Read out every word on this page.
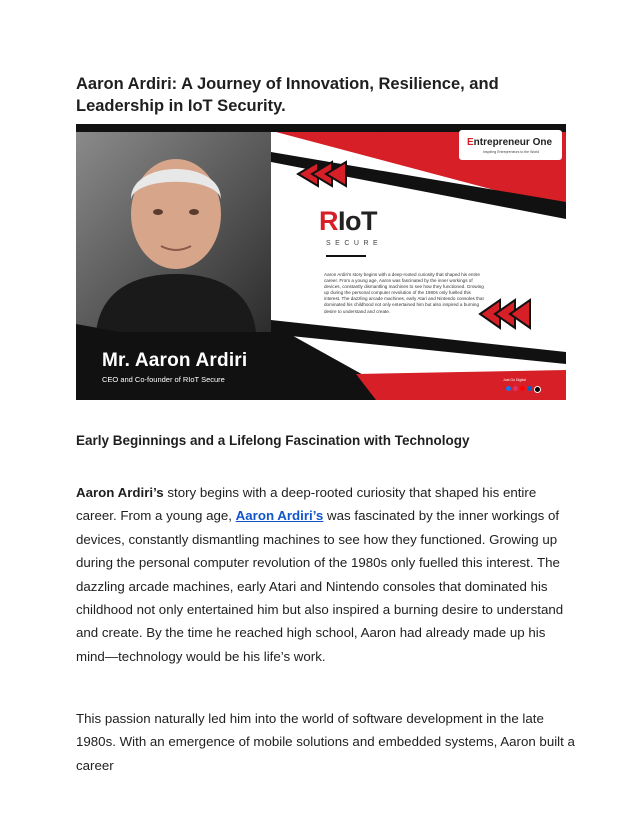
Aaron Ardiri: A Journey of Innovation, Resilience, and Leadership in IoT Security.
Mr. Aaron Ardiri
CEO and Co-founder of RIoT Secure
Entrepreneur One
Inspiring Entrepreneurs to the World
RIoT
SECURE
Aaron Ardiri's story begins with a deep-rooted curiosity that shaped his entire career. From a young age, Aaron was fascinated by the inner workings of devices, constantly dismantling machines to see how they functioned. Growing up during the personal computer revolution of the 1980s only fuelled this interest. The dazzling arcade machines, early Atari and Nintendo consoles that dominated his childhood not only entertained him but also inspired a burning desire to understand and create.
Just Go Digital
Early Beginnings and a Lifelong Fascination with Technology

Aaron Ardiri’s story begins with a deep-rooted curiosity that shaped his entire career. From a young age, Aaron Ardiri’s was fascinated by the inner workings of devices, constantly dismantling machines to see how they functioned. Growing up during the personal computer revolution of the 1980s only fuelled this interest. The dazzling arcade machines, early Atari and Nintendo consoles that dominated his childhood not only entertained him but also inspired a burning desire to understand and create. By the time he reached high school, Aaron had already made up his mind—technology would be his life’s work.

This passion naturally led him into the world of software development in the late 1980s. With an emergence of mobile solutions and embedded systems, Aaron built a career
